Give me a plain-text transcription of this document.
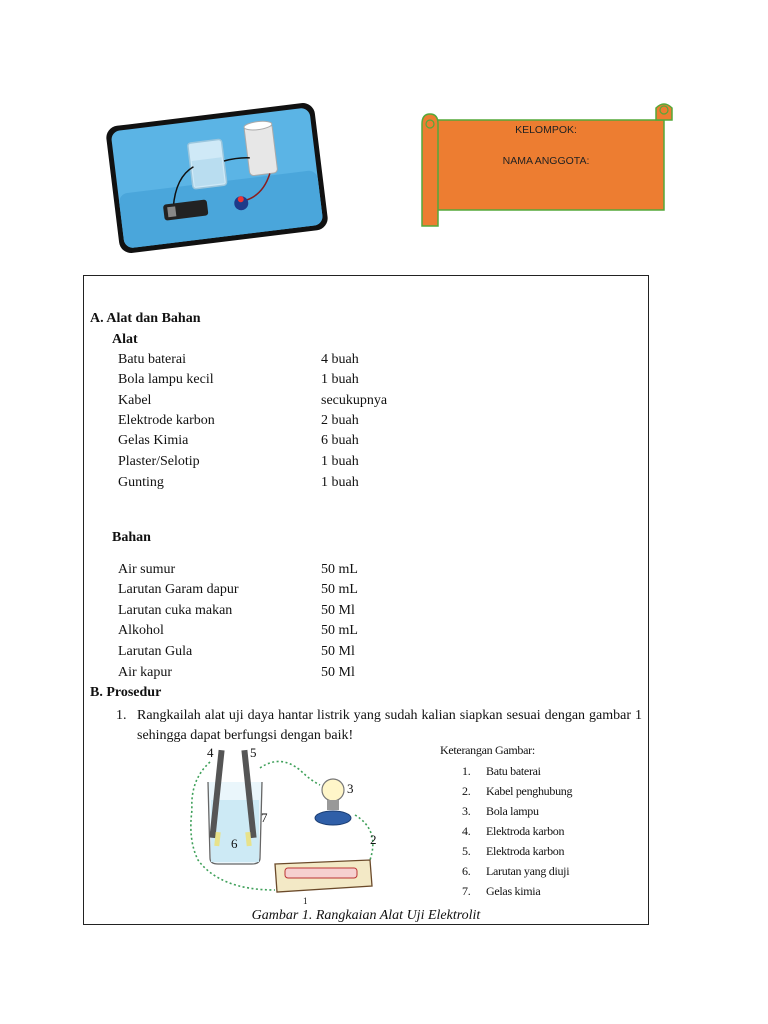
KELOMPOK:
NAMA ANGGOTA:
A. Alat dan Bahan
Alat
Batu baterai	4 buah
Bola lampu kecil	1 buah
Kabel	secukupnya
Elektrode karbon	2 buah
Gelas Kimia	6 buah
Plaster/Selotip	1 buah
Gunting	1 buah
Bahan
Air sumur	50 mL
Larutan Garam dapur	50 mL
Larutan cuka makan	50 Ml
Alkohol	50 mL
Larutan Gula	50 Ml
Air kapur	50 Ml
B. Prosedur
1. Rangkailah alat uji daya hantar listrik yang sudah kalian siapkan sesuai dengan gambar 1 sehingga dapat berfungsi dengan baik!
4	5
3
7
6	2
1
Keterangan Gambar:
1. Batu baterai
2. Kabel penghubung
3. Bola lampu
4. Elektroda karbon
5. Elektroda karbon
6. Larutan yang diuji
7. Gelas kimia
Gambar 1. Rangkaian Alat Uji Elektrolit
